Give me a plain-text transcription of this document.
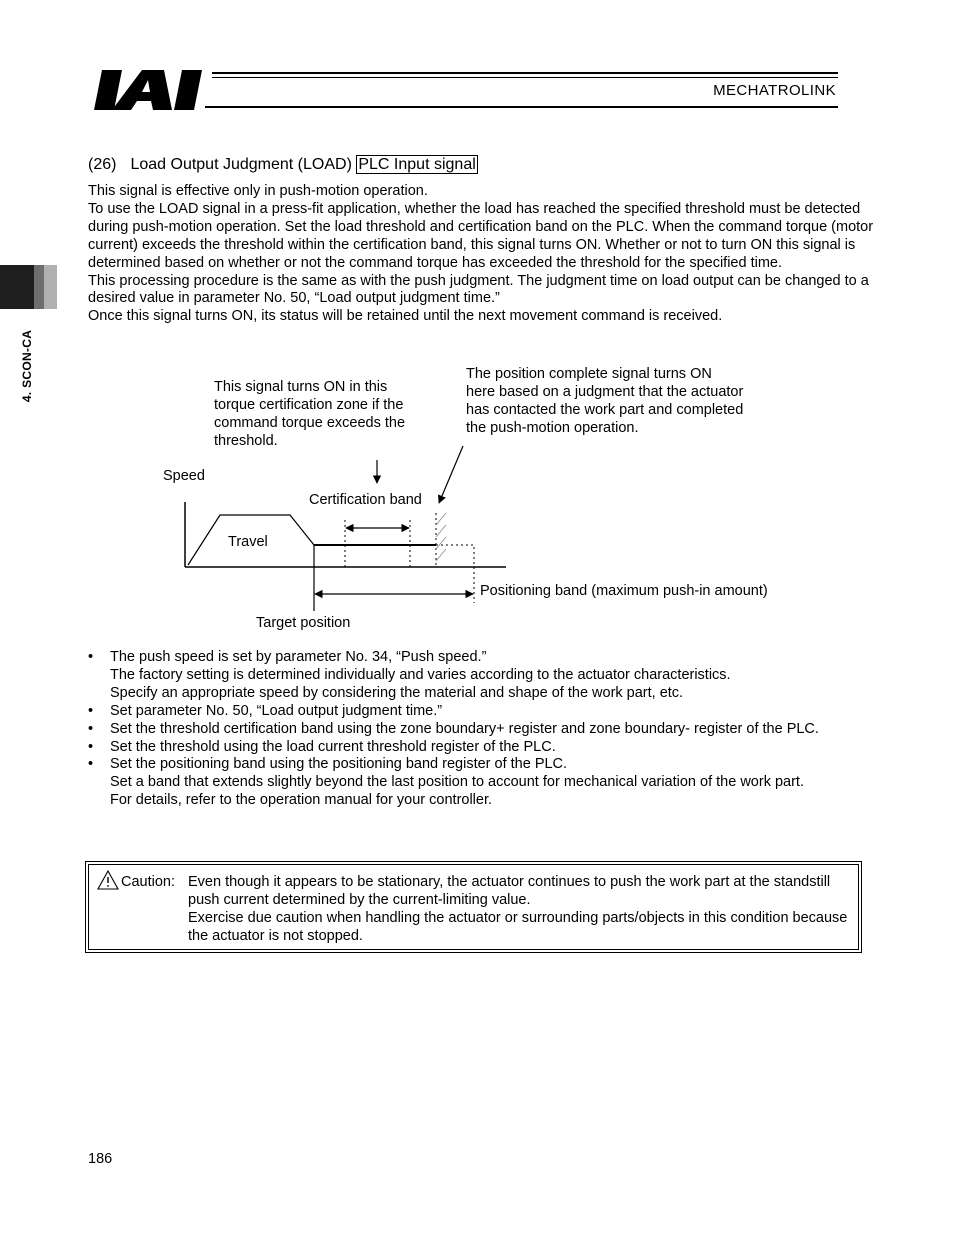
MECHATROLINK
4. SCON-CA
(26) Load Output Judgment (LOAD) PLC Input signal

This signal is effective only in push-motion operation.

To use the LOAD signal in a press-fit application, whether the load has reached the specified threshold must be detected during push-motion operation. Set the load threshold and certification band on the PLC. When the command torque (motor current) exceeds the threshold within the certification band, this signal turns ON. Whether or not to turn ON this signal is determined based on whether or not the command torque has exceeded the threshold for the specified time.

This processing procedure is the same as with the push judgment. The judgment time on load output can be changed to a desired value in parameter No. 50, “Load output judgment time.”

Once this signal turns ON, its status will be retained until the next movement command is received.

This signal turns ON in this
torque certification zone if the
command torque exceeds the
threshold.
The position complete signal turns ON
here based on a judgment that the actuator
has contacted the work part and completed
the push-motion operation.
Speed
Certification band
Travel
Positioning band (maximum push-in amount)
Target position
• The push speed is set by parameter No. 34, “Push speed.”
The factory setting is determined individually and varies according to the actuator characteristics.
Specify an appropriate speed by considering the material and shape of the work part, etc.
• Set parameter No. 50, “Load output judgment time.”
• Set the threshold certification band using the zone boundary+ register and zone boundary- register of the PLC.
• Set the threshold using the load current threshold register of the PLC.
• Set the positioning band using the positioning band register of the PLC.
Set a band that extends slightly beyond the last position to account for mechanical variation of the work part.
For details, refer to the operation manual for your controller.
Caution: Even though it appears to be stationary, the actuator continues to push the work part at the standstill push current determined by the current-limiting value.

Exercise due caution when handling the actuator or surrounding parts/objects in this condition because the actuator is not stopped.

186
